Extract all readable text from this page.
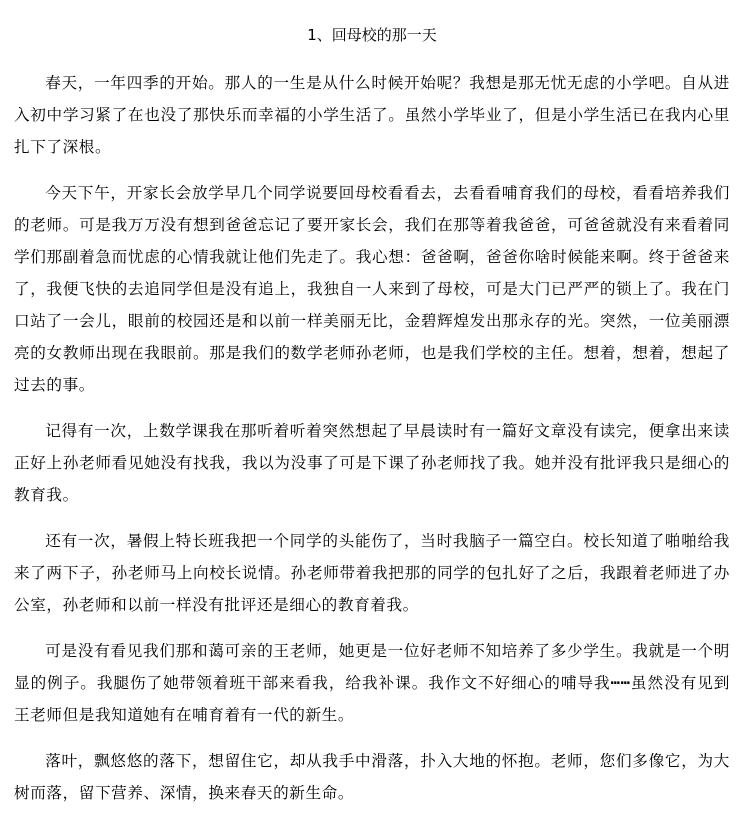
1、回母校的那一天

春天，一年四季的开始。那人的一生是从什么时候开始呢？我想是那无忧无虑的小学吧。自从进入初中学习紧了在也没了那快乐而幸福的小学生活了。虽然小学毕业了，但是小学生活已在我内心里扎下了深根。

今天下午，开家长会放学早几个同学说要回母校看看去，去看看哺育我们的母校，看看培养我们的老师。可是我万万没有想到爸爸忘记了要开家长会，我们在那等着我爸爸，可爸爸就没有来看着同学们那副着急而忧虑的心情我就让他们先走了。我心想：爸爸啊，爸爸你啥时候能来啊。终于爸爸来了，我便飞快的去追同学但是没有追上，我独自一人来到了母校，可是大门已严严的锁上了。我在门口站了一会儿，眼前的校园还是和以前一样美丽无比，金碧辉煌发出那永存的光。突然，一位美丽漂亮的女教师出现在我眼前。那是我们的数学老师孙老师，也是我们学校的主任。想着，想着，想起了过去的事。

记得有一次，上数学课我在那听着听着突然想起了早晨读时有一篇好文章没有读完，便拿出来读正好上孙老师看见她没有找我，我以为没事了可是下课了孙老师找了我。她并没有批评我只是细心的教育我。

还有一次，暑假上特长班我把一个同学的头能伤了，当时我脑子一篇空白。校长知道了啪啪给我来了两下子，孙老师马上向校长说情。孙老师带着我把那的同学的包扎好了之后，我跟着老师进了办公室，孙老师和以前一样没有批评还是细心的教育着我。

可是没有看见我们那和蔼可亲的王老师，她更是一位好老师不知培养了多少学生。我就是一个明显的例子。我腿伤了她带领着班干部来看我，给我补课。我作文不好细心的哺导我┅┅虽然没有见到王老师但是我知道她有在哺育着有一代的新生。

落叶，飘悠悠的落下，想留住它，却从我手中滑落，扑入大地的怀抱。老师，您们多像它，为大树而落，留下营养、深情，换来春天的新生命。
